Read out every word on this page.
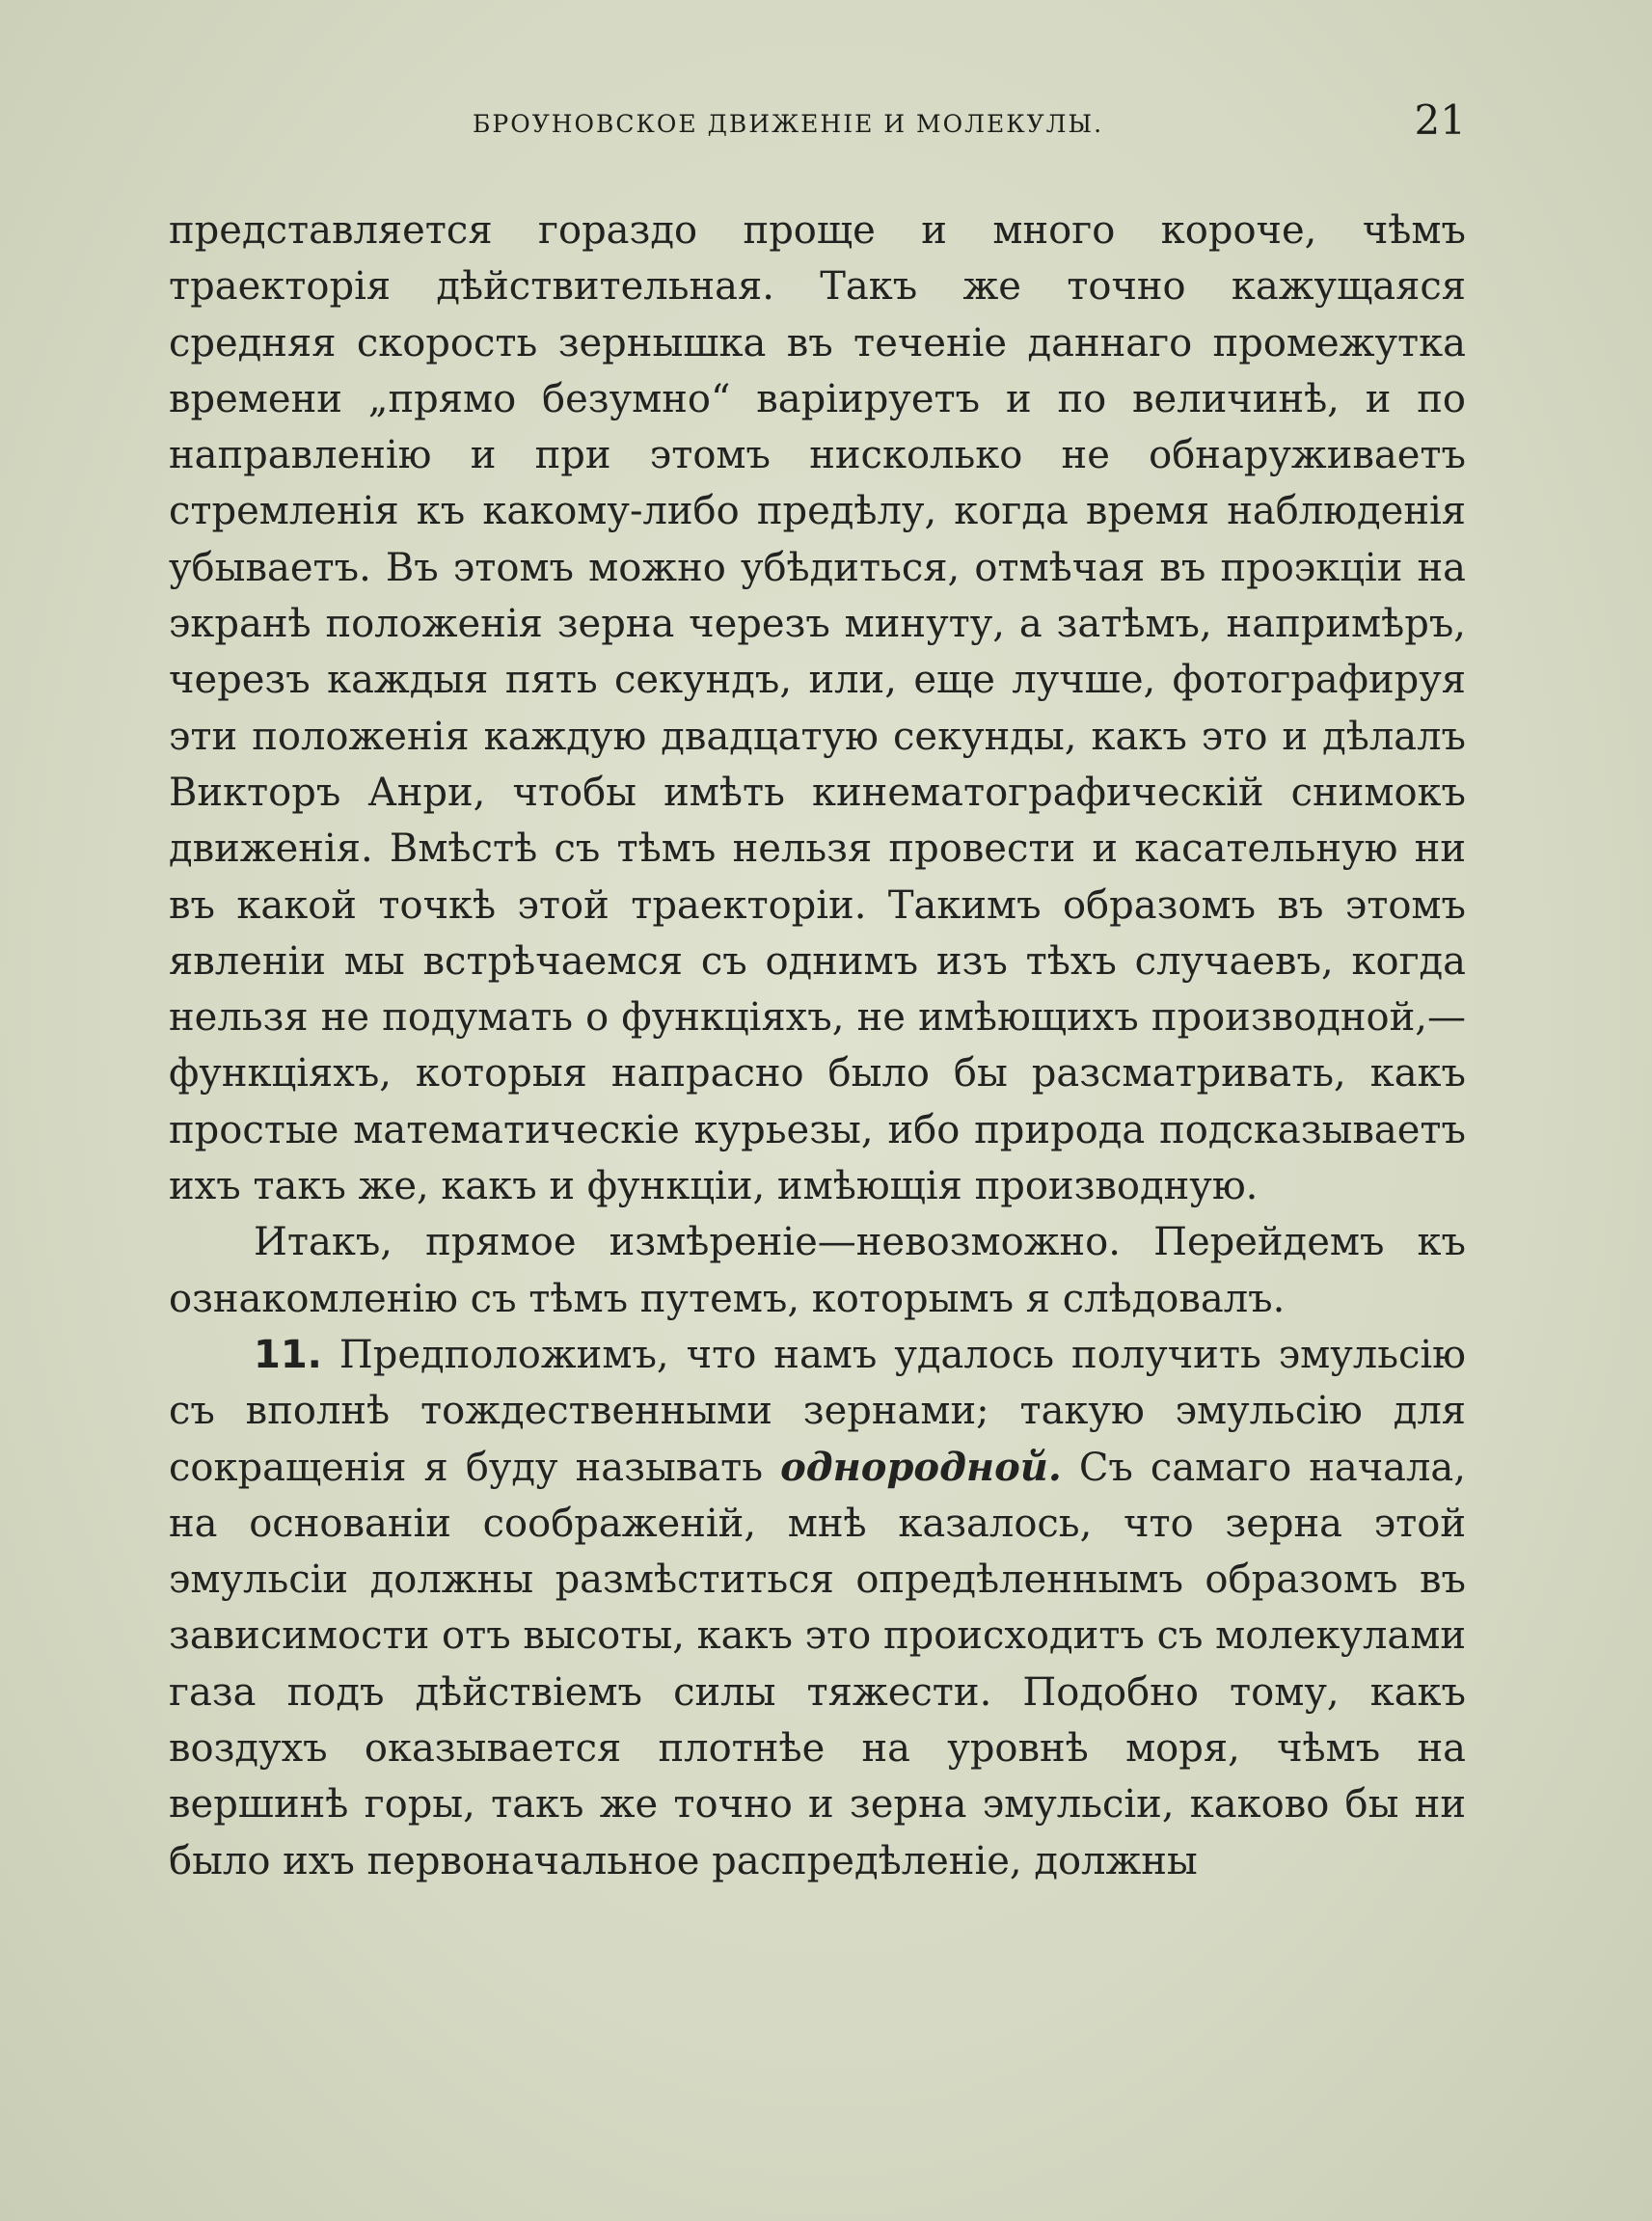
БРОУНОВСКОЕ ДВИЖЕНІЕ И МОЛЕКУЛЫ.	21

представляется гораздо проще и много короче, чѣмъ траекторія дѣйствительная. Такъ же точно кажущаяся средняя скорость зернышка въ теченіе даннаго промежутка времени „прямо безумно“ варіируетъ и по величинѣ, и по направленію и при этомъ нисколько не обнаруживаетъ стремленія къ какому-либо предѣлу, когда время наблюденія убываетъ. Въ этомъ можно убѣдиться, отмѣчая въ проэкціи на экранѣ положенія зерна черезъ минуту, а затѣмъ, напримѣръ, черезъ каждыя пять секундъ, или, еще лучше, фотографируя эти положенія каждую двадцатую секунды, какъ это и дѣлалъ Викторъ Анри, чтобы имѣть кинематографическій снимокъ движенія. Вмѣстѣ съ тѣмъ нельзя провести и касательную ни въ какой точкѣ этой траекторіи. Такимъ образомъ въ этомъ явленіи мы встрѣчаемся съ однимъ изъ тѣхъ случаевъ, когда нельзя не подумать о функціяхъ, не имѣющихъ производной,—функціяхъ, которыя напрасно было бы разсматривать, какъ простые математическіе курьезы, ибо природа подсказываетъ ихъ такъ же, какъ и функціи, имѣющія производную.

Итакъ, прямое измѣреніе—невозможно. Перейдемъ къ ознакомленію съ тѣмъ путемъ, которымъ я слѣдовалъ.

11. Предположимъ, что намъ удалось получить эмульсію съ вполнѣ тождественными зернами; такую эмульсію для сокращенія я буду называть однородной. Съ самаго начала, на основаніи соображеній, мнѣ казалось, что зерна этой эмульсіи должны размѣститься опредѣленнымъ образомъ въ зависимости отъ высоты, какъ это происходитъ съ молекулами газа подъ дѣйствіемъ силы тяжести. Подобно тому, какъ воздухъ оказывается плотнѣе на уровнѣ моря, чѣмъ на вершинѣ горы, такъ же точно и зерна эмульсіи, каково бы ни было ихъ первоначальное распредѣленіе, должны
